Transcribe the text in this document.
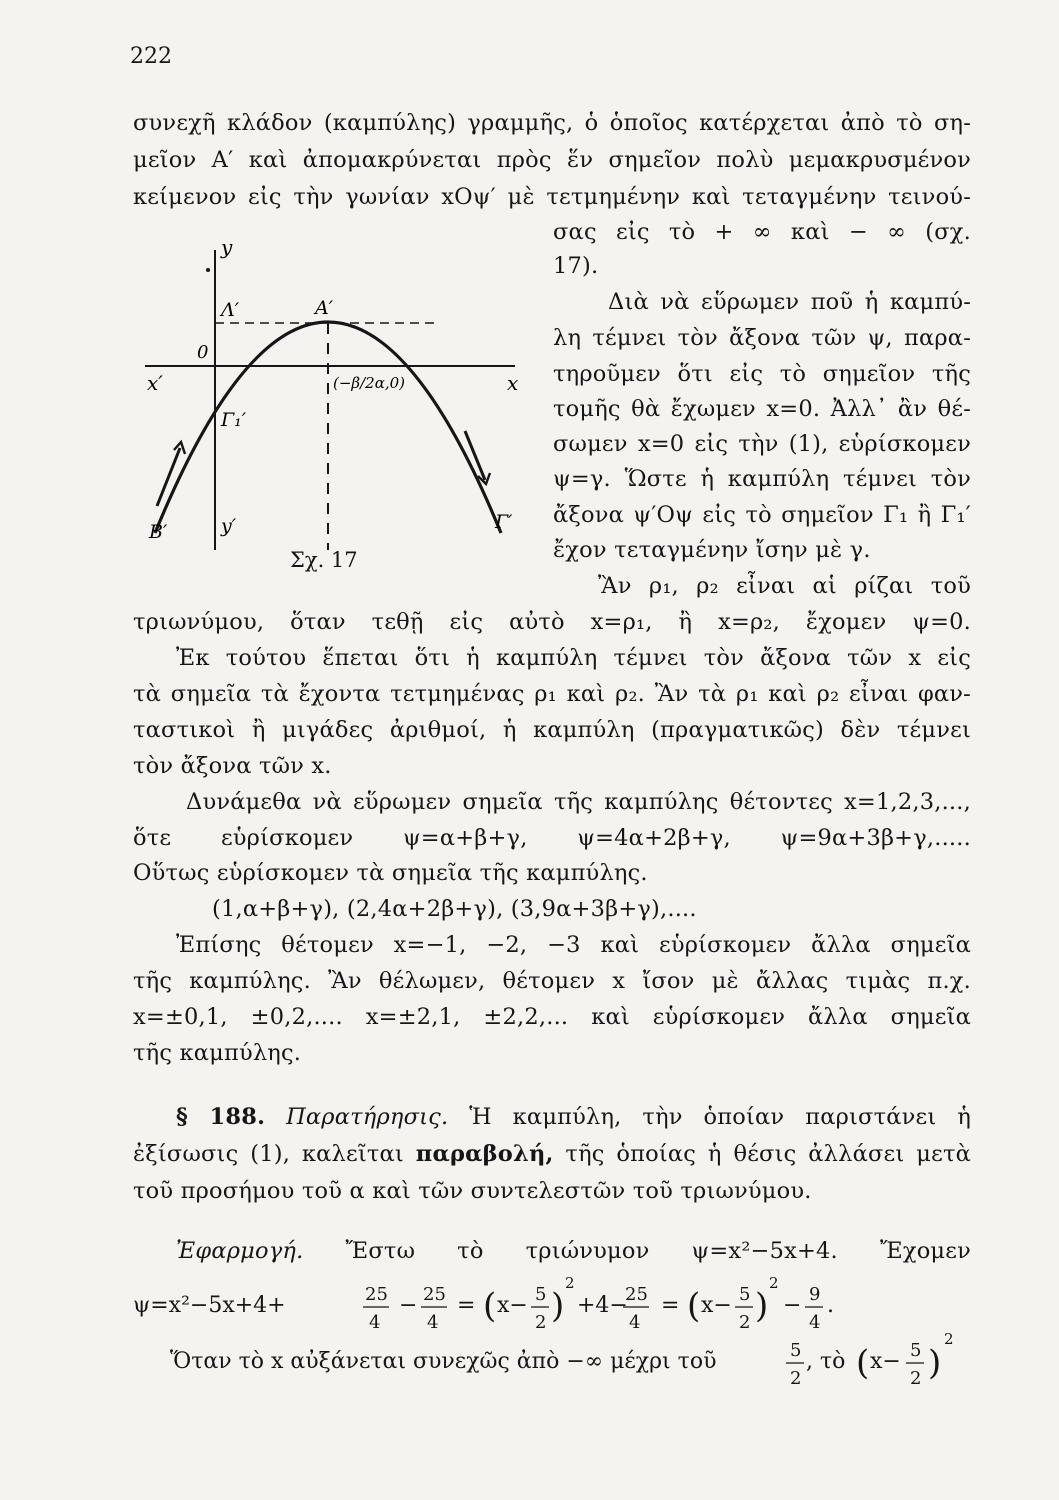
222
συνεχῆ κλάδον (καμπύλης) γραμμῆς, ὁ ὁποῖος κατέρχεται ἀπὸ τὸ ση-
μεῖον Α′ καὶ ἀπομακρύνεται πρὸς ἕν σημεῖον πολὺ μεμακρυσμένον
κείμενον εἰς τὴν γωνίαν xOψ′ μὲ τετμημένην καὶ τεταγμένην τεινού-
σας εἰς τὸ + ∞ καὶ − ∞ (σχ.
17).
Διὰ νὰ εὕρωμεν ποῦ ἡ καμπύ-
λη τέμνει τὸν ἄξονα τῶν ψ, παρα-
τηροῦμεν ὅτι εἰς τὸ σημεῖον τῆς
τομῆς θὰ ἔχωμεν x=0. Ἀλλ᾽ ἂν θέ-
σωμεν x=0 εἰς τὴν (1), εὑρίσκομεν
ψ=γ. Ὥστε ἡ καμπύλη τέμνει τὸν
ἄξονα ψ′Οψ εἰς τὸ σημεῖον Γ₁ ἢ Γ₁′
ἔχον τεταγμένην ἴσην μὲ γ.
Ἂν ρ₁, ρ₂ εἶναι αἱ ρίζαι τοῦ
y
0
Λ′	Α′
x′	x
(−β/2α,0)
Γ₁′
Β′	y′	Γ′
Σχ. 17
τριωνύμου, ὅταν τεθῇ εἰς αὐτὸ x=ρ₁, ἢ x=ρ₂, ἔχομεν ψ=0.
Ἐκ τούτου ἕπεται ὅτι ἡ καμπύλη τέμνει τὸν ἄξονα τῶν x εἰς
τὰ σημεῖα τὰ ἔχοντα τετμημένας ρ₁ καὶ ρ₂. Ἂν τὰ ρ₁ καὶ ρ₂ εἶναι φαν-
ταστικοὶ ἢ μιγάδες ἀριθμοί, ἡ καμπύλη (πραγματικῶς) δὲν τέμνει
τὸν ἄξονα τῶν x.
Δυνάμεθα νὰ εὕρωμεν σημεῖα τῆς καμπύλης θέτοντες x=1,2,3,...,
ὅτε εὑρίσκομεν ψ=α+β+γ, ψ=4α+2β+γ, ψ=9α+3β+γ,.....
Οὕτως εὑρίσκομεν τὰ σημεῖα τῆς καμπύλης.
(1,α+β+γ), (2,4α+2β+γ), (3,9α+3β+γ),....
Ἐπίσης θέτομεν x=−1, −2, −3 καὶ εὑρίσκομεν ἄλλα σημεῖα
τῆς καμπύλης. Ἂν θέλωμεν, θέτομεν x ἴσον μὲ ἄλλας τιμὰς π.χ.
x=±0,1, ±0,2,.... x=±2,1, ±2,2,... καὶ εὑρίσκομεν ἄλλα σημεῖα
τῆς καμπύλης.
§ 188. Παρατήρησις. Ἡ καμπύλη, τὴν ὁποίαν παριστάνει ἡ
ἐξίσωσις (1), καλεῖται παραβολή, τῆς ὁποίας ἡ θέσις ἀλλάσει μετὰ
τοῦ προσήμου τοῦ α καὶ τῶν συντελεστῶν τοῦ τριωνύμου.
Ἐφαρμογή. Ἔστω τὸ τριώνυμον ψ=x²−5x+4. Ἔχομεν
ψ=x²−5x+4+	25
4
− 25
4
= ( x− 5
2 )
2
+4−
25
4
= ( x− 5
2 )
2
− 9
4
.
Ὅταν τὸ x αὐξάνεται συνεχῶς ἀπὸ −∞ μέχρι τοῦ	5
2
, τὸ ( x− 5
2 )
2
